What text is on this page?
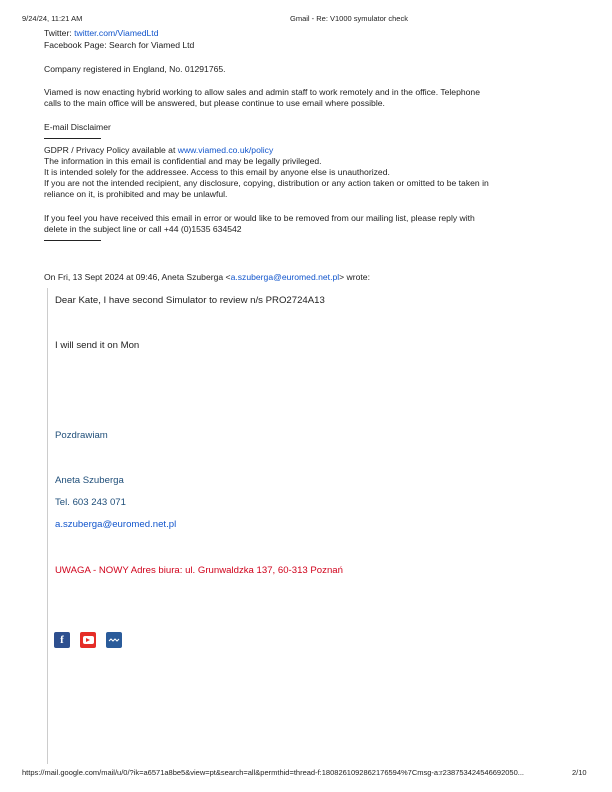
9/24/24, 11:21 AM	Gmail - Re: V1000 symulator check
Twitter: twitter.com/ViamedLtd
Facebook Page: Search for Viamed Ltd
Company registered in England, No. 01291765.
Viamed is now enacting hybrid working to allow sales and admin staff to work remotely and in the office. Telephone
calls to the main office will be answered, but please continue to use email where possible.
E-mail Disclaimer
GDPR / Privacy Policy available at www.viamed.co.uk/policy
The information in this email is confidential and may be legally privileged.
It is intended solely for the addressee. Access to this email by anyone else is unauthorized.
If you are not the intended recipient, any disclosure, copying, distribution or any action taken or omitted to be taken in
reliance on it, is prohibited and may be unlawful.
If you feel you have received this email in error or would like to be removed from our mailing list, please reply with
delete in the subject line or call +44 (0)1535 634542
On Fri, 13 Sept 2024 at 09:46, Aneta Szuberga <a.szuberga@euromed.net.pl> wrote:
Dear Kate, I have second Simulator to review n/s PRO2724A13
I will send it on Mon
Pozdrawiam
Aneta Szuberga
Tel. 603 243 071
a.szuberga@euromed.net.pl
UWAGA - NOWY Adres biura: ul. Grunwaldzka 137, 60-313 Poznań
f
https://mail.google.com/mail/u/0/?ik=a6571a8be5&view=pt&search=all&permthid=thread-f:1808261092862176594%7Cmsg-a:r238753424546692050...	2/10
